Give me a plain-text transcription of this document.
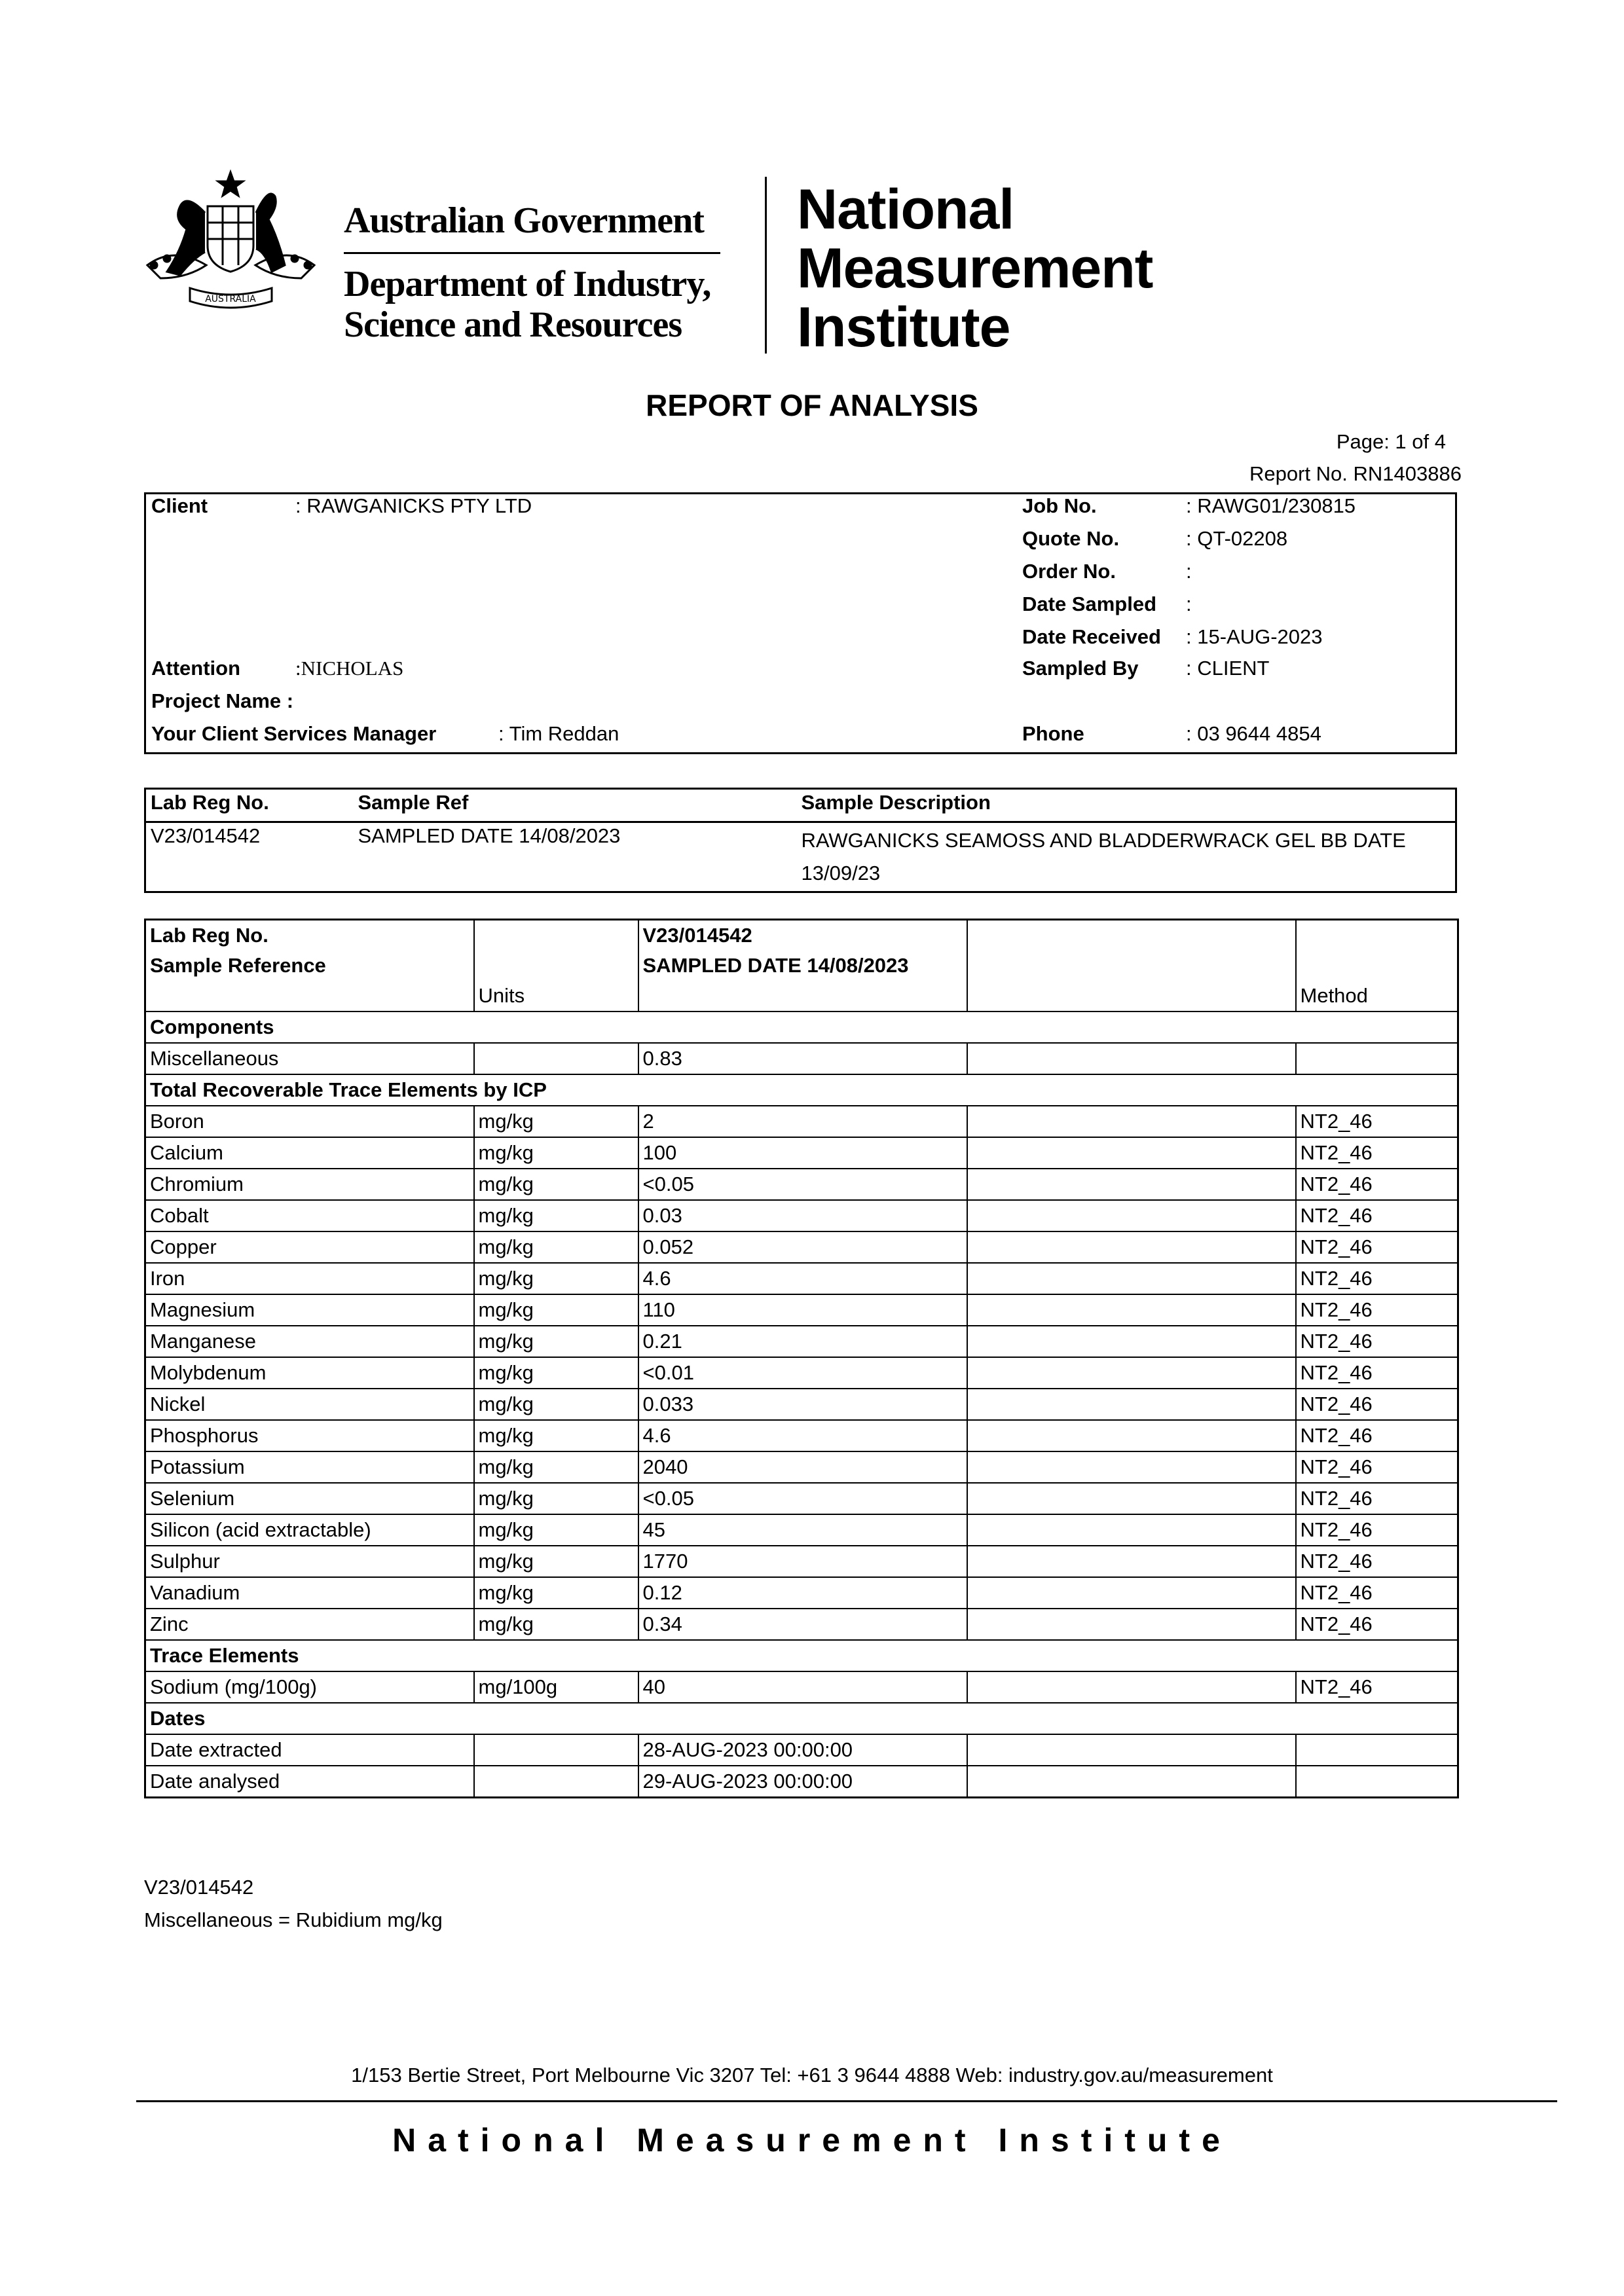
AUSTRALIA
Australian Government
Department of Industry,
Science and Resources
National
Measurement
Institute
REPORT OF ANALYSIS
Page: 1 of 4
Report No. RN1403886
Client	: RAWGANICKS PTY LTD
Attention	:NICHOLAS
Project Name :
Your Client Services Manager	: Tim Reddan
Job No.	: RAWG01/230815
Quote No.	: QT-02208
Order No.	:
Date Sampled :
Date Received : 15-AUG-2023
Sampled By : CLIENT
Phone	: 03 9644 4854
Lab Reg No.	Sample Ref	Sample Description
V23/014542	SAMPLED DATE 14/08/2023	RAWGANICKS SEAMOSS AND BLADDERWRACK GEL BB DATE
13/09/23
Lab Reg No.	Units	V23/014542		Method
Sample Reference		SAMPLED DATE 14/08/2023		

Components				
Miscellaneous		0.83		
Total Recoverable Trace Elements by ICP				
Boron	mg/kg	2		NT2_46
Calcium	mg/kg	100		NT2_46
Chromium	mg/kg	<0.05		NT2_46
Cobalt	mg/kg	0.03		NT2_46
Copper	mg/kg	0.052		NT2_46
Iron	mg/kg	4.6		NT2_46
Magnesium	mg/kg	110		NT2_46
Manganese	mg/kg	0.21		NT2_46
Molybdenum	mg/kg	<0.01		NT2_46
Nickel	mg/kg	0.033		NT2_46
Phosphorus	mg/kg	4.6		NT2_46
Potassium	mg/kg	2040		NT2_46
Selenium	mg/kg	<0.05		NT2_46
Silicon (acid extractable)	mg/kg	45		NT2_46
Sulphur	mg/kg	1770		NT2_46
Vanadium	mg/kg	0.12		NT2_46
Zinc	mg/kg	0.34		NT2_46
Trace Elements				
Sodium (mg/100g)	mg/100g	40		NT2_46
Dates				
Date extracted		28-AUG-2023 00:00:00		
Date analysed		29-AUG-2023 00:00:00		
V23/014542
Miscellaneous = Rubidium mg/kg
1/153 Bertie Street, Port Melbourne Vic 3207 Tel: +61 3 9644 4888 Web: industry.gov.au/measurement
National Measurement Institute
